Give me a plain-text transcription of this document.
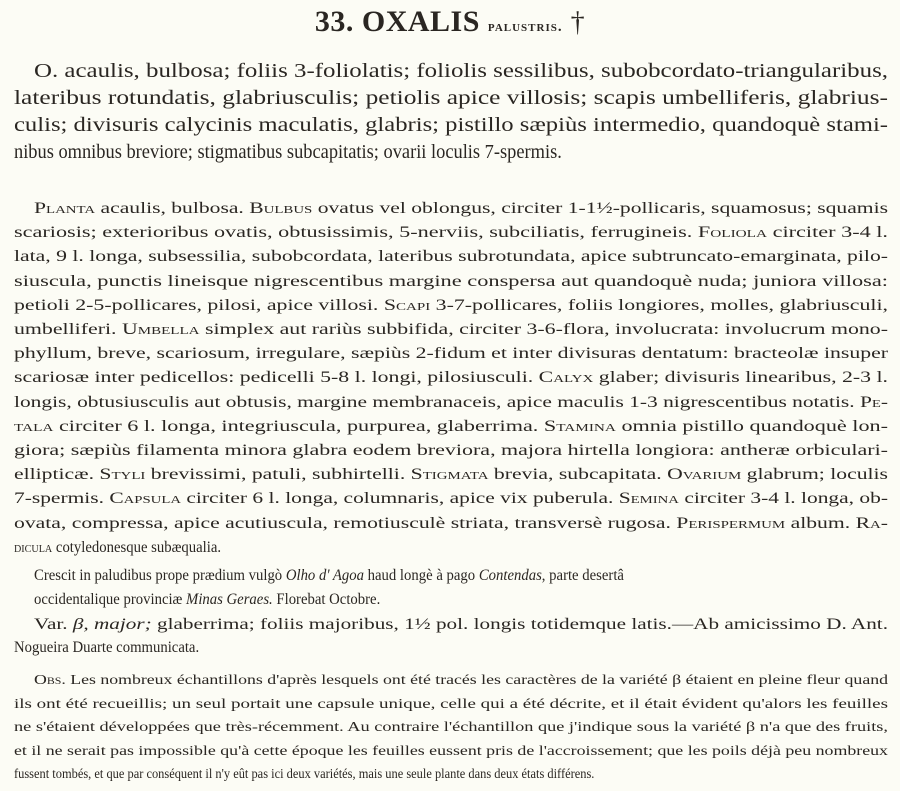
33. OXALIS palustris. †
O. acaulis, bulbosa; foliis 3-foliolatis; foliolis sessilibus, subobcordato-triangularibus,
lateribus rotundatis, glabriusculis; petiolis apice villosis; scapis umbelliferis, glabrius-
culis; divisuris calycinis maculatis, glabris; pistillo sæpiùs intermedio, quandoquè stami-
nibus omnibus breviore; stigmatibus subcapitatis; ovarii loculis 7-spermis.
Planta acaulis, bulbosa. Bulbus ovatus vel oblongus, circiter 1-1½-pollicaris, squamosus; squamis
scariosis; exterioribus ovatis, obtusissimis, 5-nerviis, subciliatis, ferrugineis. Foliola circiter 3-4 l.
lata, 9 l. longa, subsessilia, subobcordata, lateribus subrotundata, apice subtruncato-emarginata, pilo-
siuscula, punctis lineisque nigrescentibus margine conspersa aut quandoquè nuda; juniora villosa:
petioli 2-5-pollicares, pilosi, apice villosi. Scapi 3-7-pollicares, foliis longiores, molles, glabriusculi,
umbelliferi. Umbella simplex aut rariùs subbifida, circiter 3-6-flora, involucrata: involucrum mono-
phyllum, breve, scariosum, irregulare, sæpiùs 2-fidum et inter divisuras dentatum: bracteolæ insuper
scariosæ inter pedicellos: pedicelli 5-8 l. longi, pilosiusculi. Calyx glaber; divisuris linearibus, 2-3 l.
longis, obtusiusculis aut obtusis, margine membranaceis, apice maculis 1-3 nigrescentibus notatis. Pe-
tala circiter 6 l. longa, integriuscula, purpurea, glaberrima. Stamina omnia pistillo quandoquè lon-
giora; sæpiùs filamenta minora glabra eodem breviora, majora hirtella longiora: antheræ orbiculari-
ellipticæ. Styli brevissimi, patuli, subhirtelli. Stigmata brevia, subcapitata. Ovarium glabrum; loculis
7-spermis. Capsula circiter 6 l. longa, columnaris, apice vix puberula. Semina circiter 3-4 l. longa, ob-
ovata, compressa, apice acutiuscula, remotiusculè striata, transversè rugosa. Perispermum album. Ra-
dicula cotyledonesque subæqualia.
Crescit in paludibus prope prædium vulgò Olho d' Agoa haud longè à pago Contendas, parte desertâ
occidentalique provinciæ Minas Geraes. Florebat Octobre.
Var. β, major; glaberrima; foliis majoribus, 1½ pol. longis totidemque latis.—Ab amicissimo D. Ant.
Nogueira Duarte communicata.
Obs. Les nombreux échantillons d'après lesquels ont été tracés les caractères de la variété β étaient en pleine fleur quand
ils ont été recueillis; un seul portait une capsule unique, celle qui a été décrite, et il était évident qu'alors les feuilles
ne s'étaient développées que très-récemment. Au contraire l'échantillon que j'indique sous la variété β n'a que des fruits,
et il ne serait pas impossible qu'à cette époque les feuilles eussent pris de l'accroissement; que les poils déjà peu nombreux
fussent tombés, et que par conséquent il n'y eût pas ici deux variétés, mais une seule plante dans deux états différens.
